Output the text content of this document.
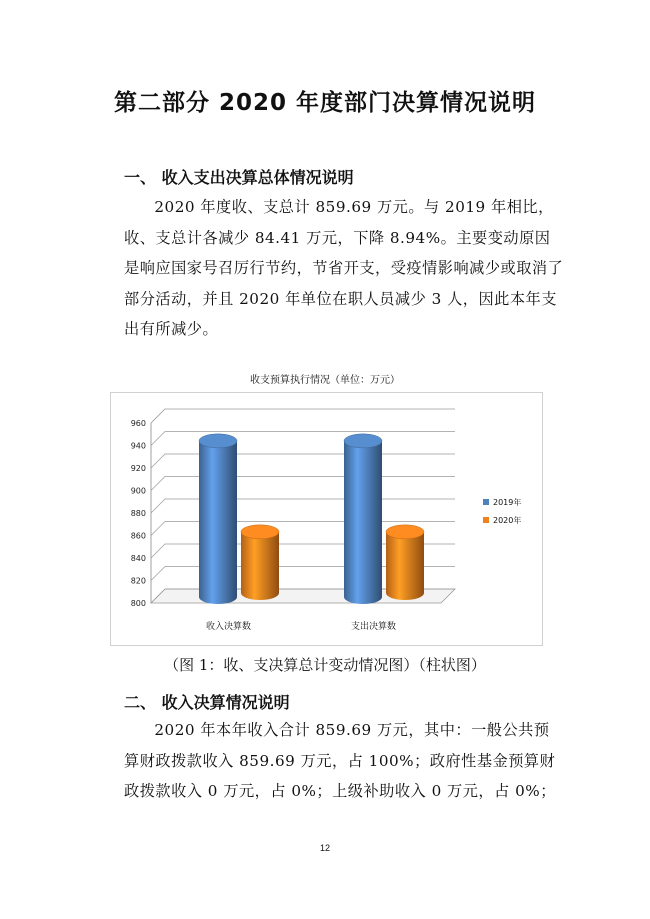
第二部分 2020 年度部门决算情况说明
一、 收入支出决算总体情况说明
2020 年度收、支总计 859.69 万元。与 2019 年相比，收、支总计各减少 84.41 万元，下降 8.94%。主要变动原因是响应国家号召厉行节约，节省开支，受疫情影响减少或取消了部分活动，并且 2020 年单位在职人员减少 3 人，因此本年支出有所减少。
收支预算执行情况（单位：万元）
800
820
840
860
880
900
920
940
960
收入决算数	支出决算数
2019年
2020年
（图 1：收、支决算总计变动情况图）（柱状图）
二、 收入决算情况说明
2020 年本年收入合计 859.69 万元，其中：一般公共预算财政拨款收入 859.69 万元，占 100%；政府性基金预算财政拨款收入 0 万元，占 0%；上级补助收入 0 万元，占 0%；
12
